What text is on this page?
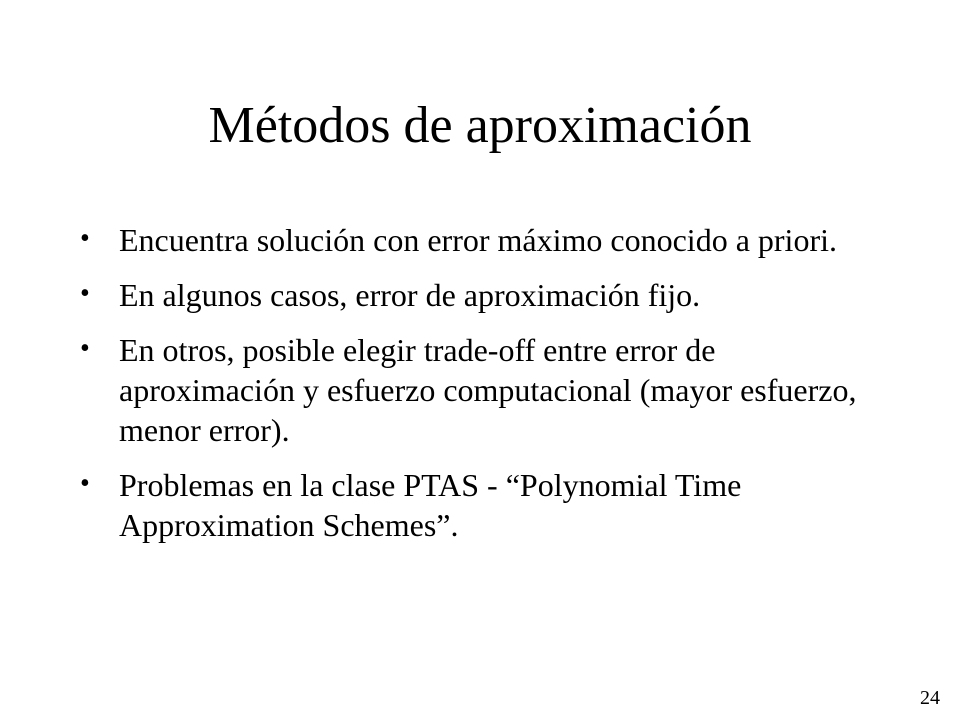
Métodos de aproximación
• Encuentra solución con error máximo conocido a priori.
• En algunos casos, error de aproximación fijo.
• En otros, posible elegir trade-off entre error de aproximación y esfuerzo computacional (mayor esfuerzo, menor error).
• Problemas en la clase PTAS - “Polynomial Time Approximation Schemes”.
24
